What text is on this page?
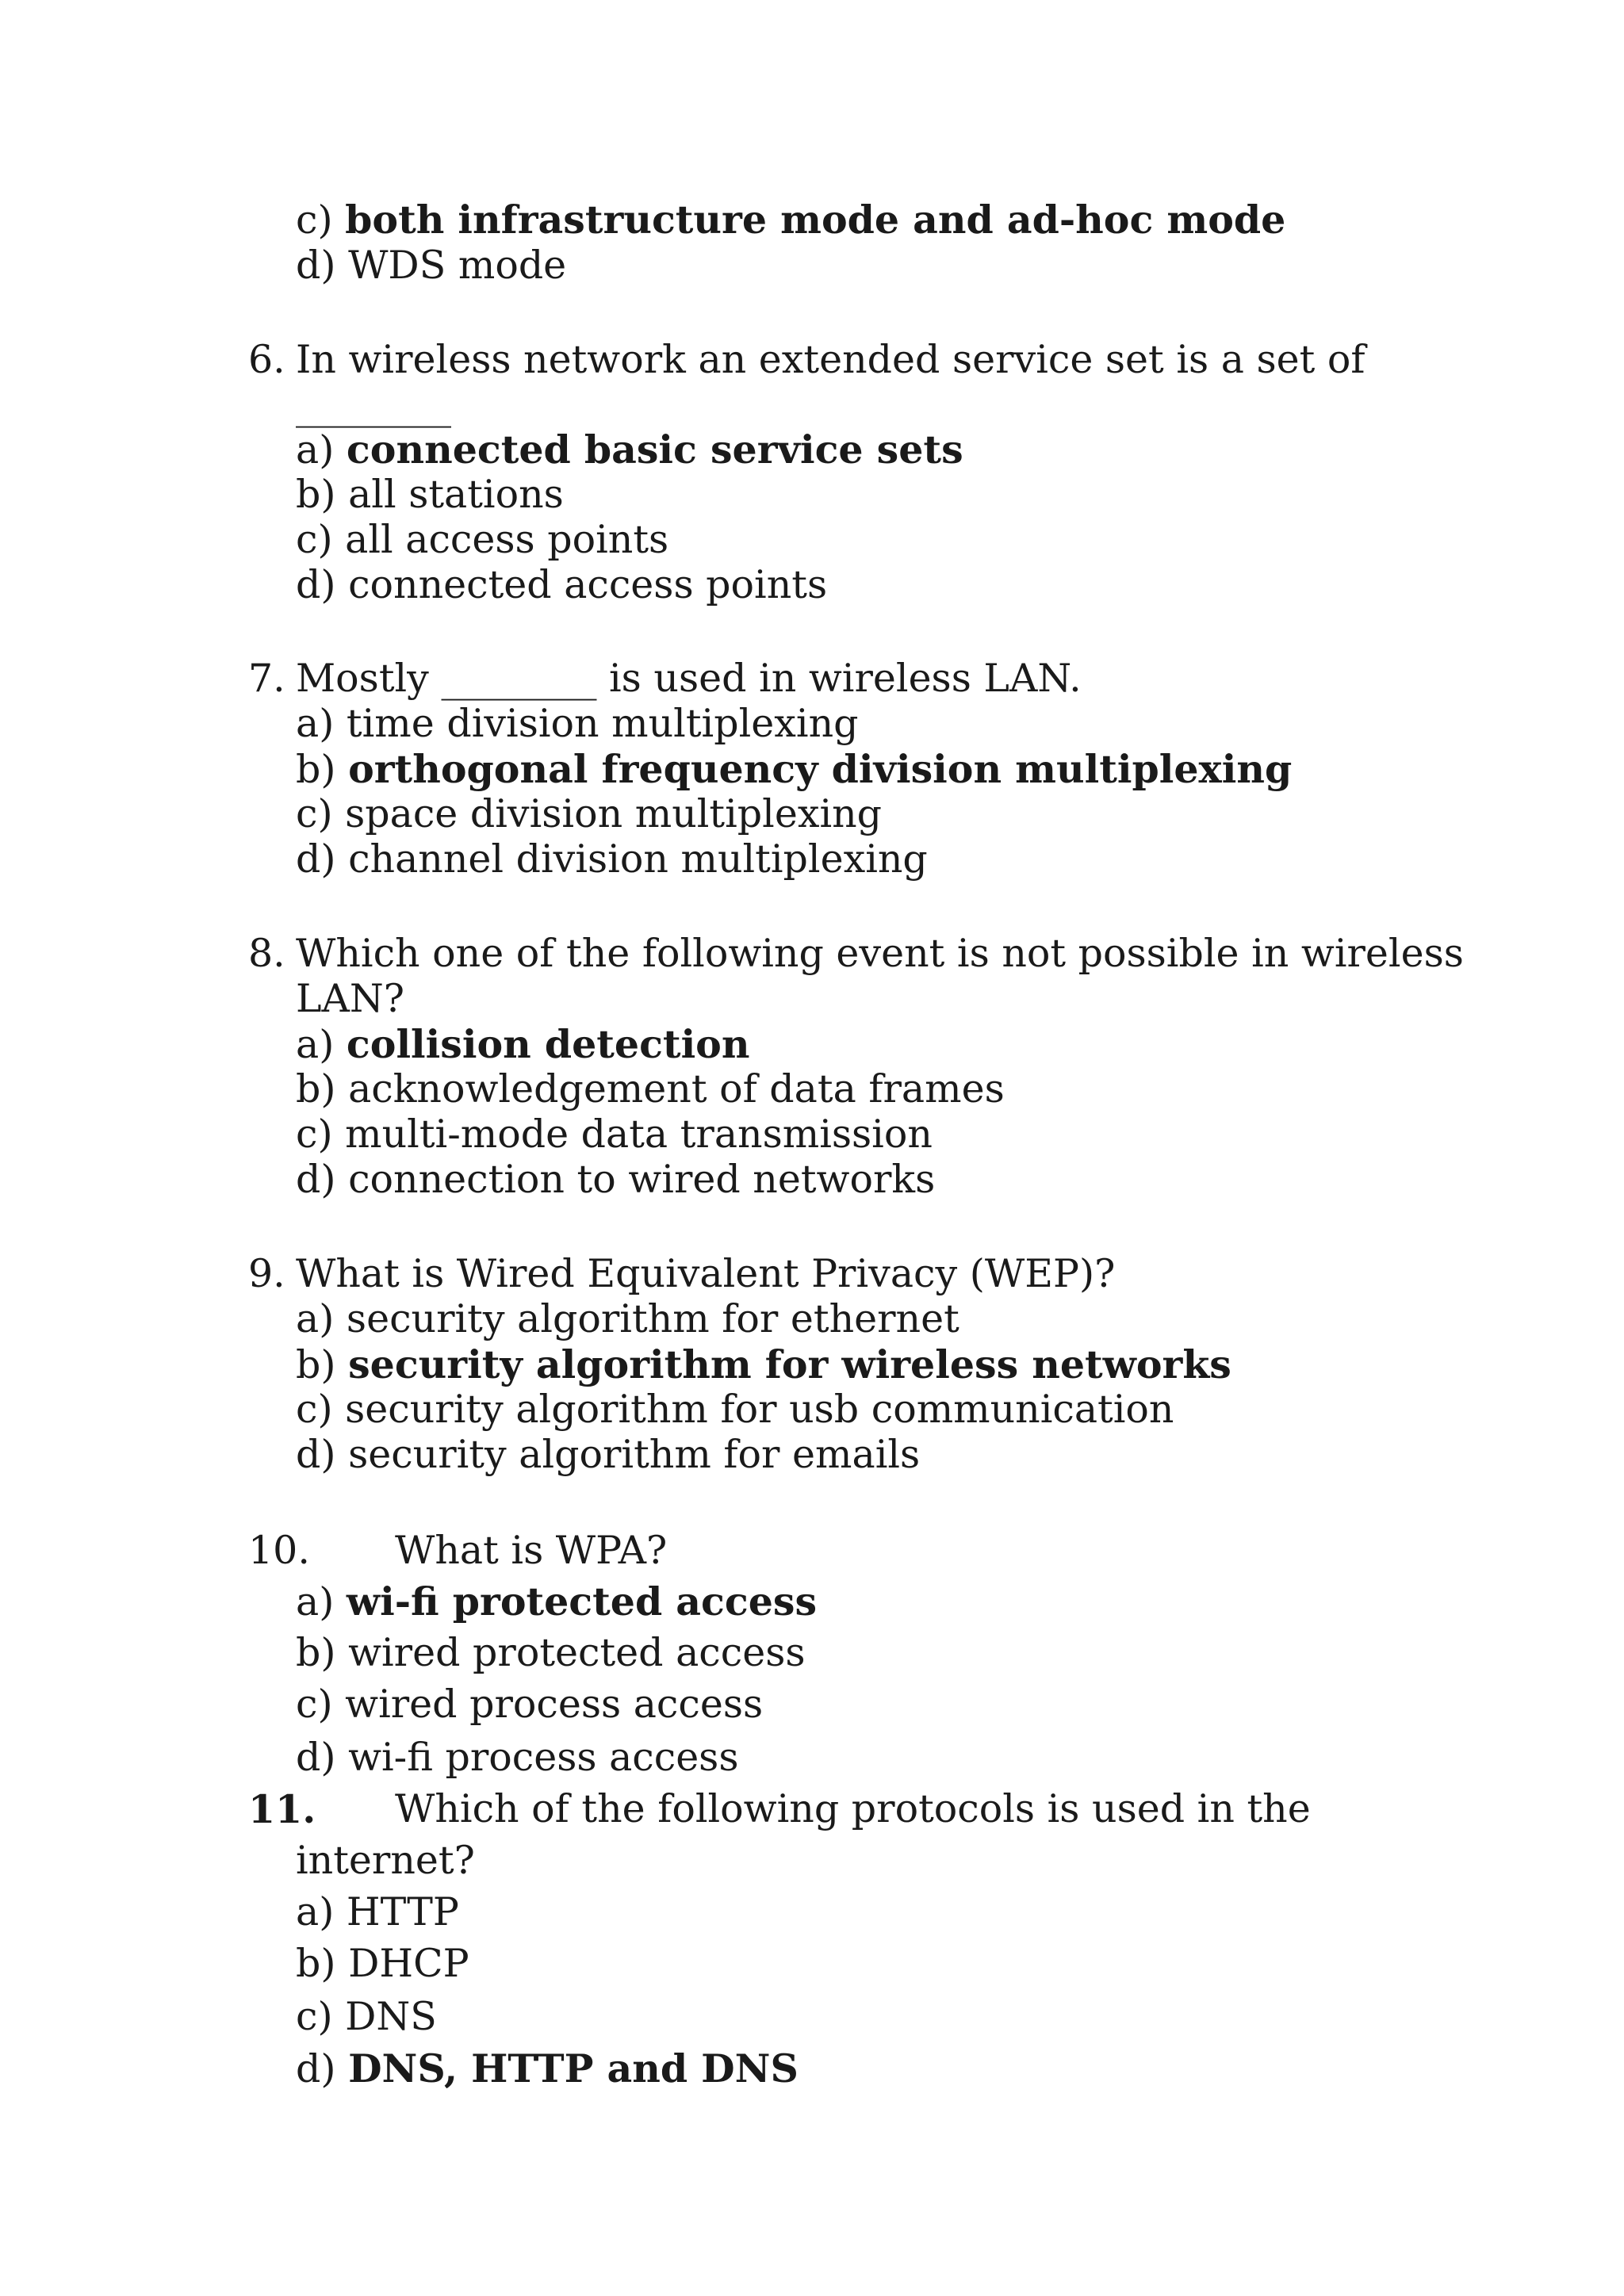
c) both infrastructure mode and ad-hoc mode
d) WDS mode
6. In wireless network an extended service set is a set of
________
a) connected basic service sets
b) all stations
c) all access points
d) connected access points
7. Mostly ________ is used in wireless LAN.
a) time division multiplexing
b) orthogonal frequency division multiplexing
c) space division multiplexing
d) channel division multiplexing
8. Which one of the following event is not possible in wireless
LAN?
a) collision detection
b) acknowledgement of data frames
c) multi-mode data transmission
d) connection to wired networks
9. What is Wired Equivalent Privacy (WEP)?
a) security algorithm for ethernet
b) security algorithm for wireless networks
c) security algorithm for usb communication
d) security algorithm for emails
10. What is WPA?
a) wi-fi protected access
b) wired protected access
c) wired process access
d) wi-fi process access
11. Which of the following protocols is used in the
internet?
a) HTTP
b) DHCP
c) DNS
d) DNS, HTTP and DNS
